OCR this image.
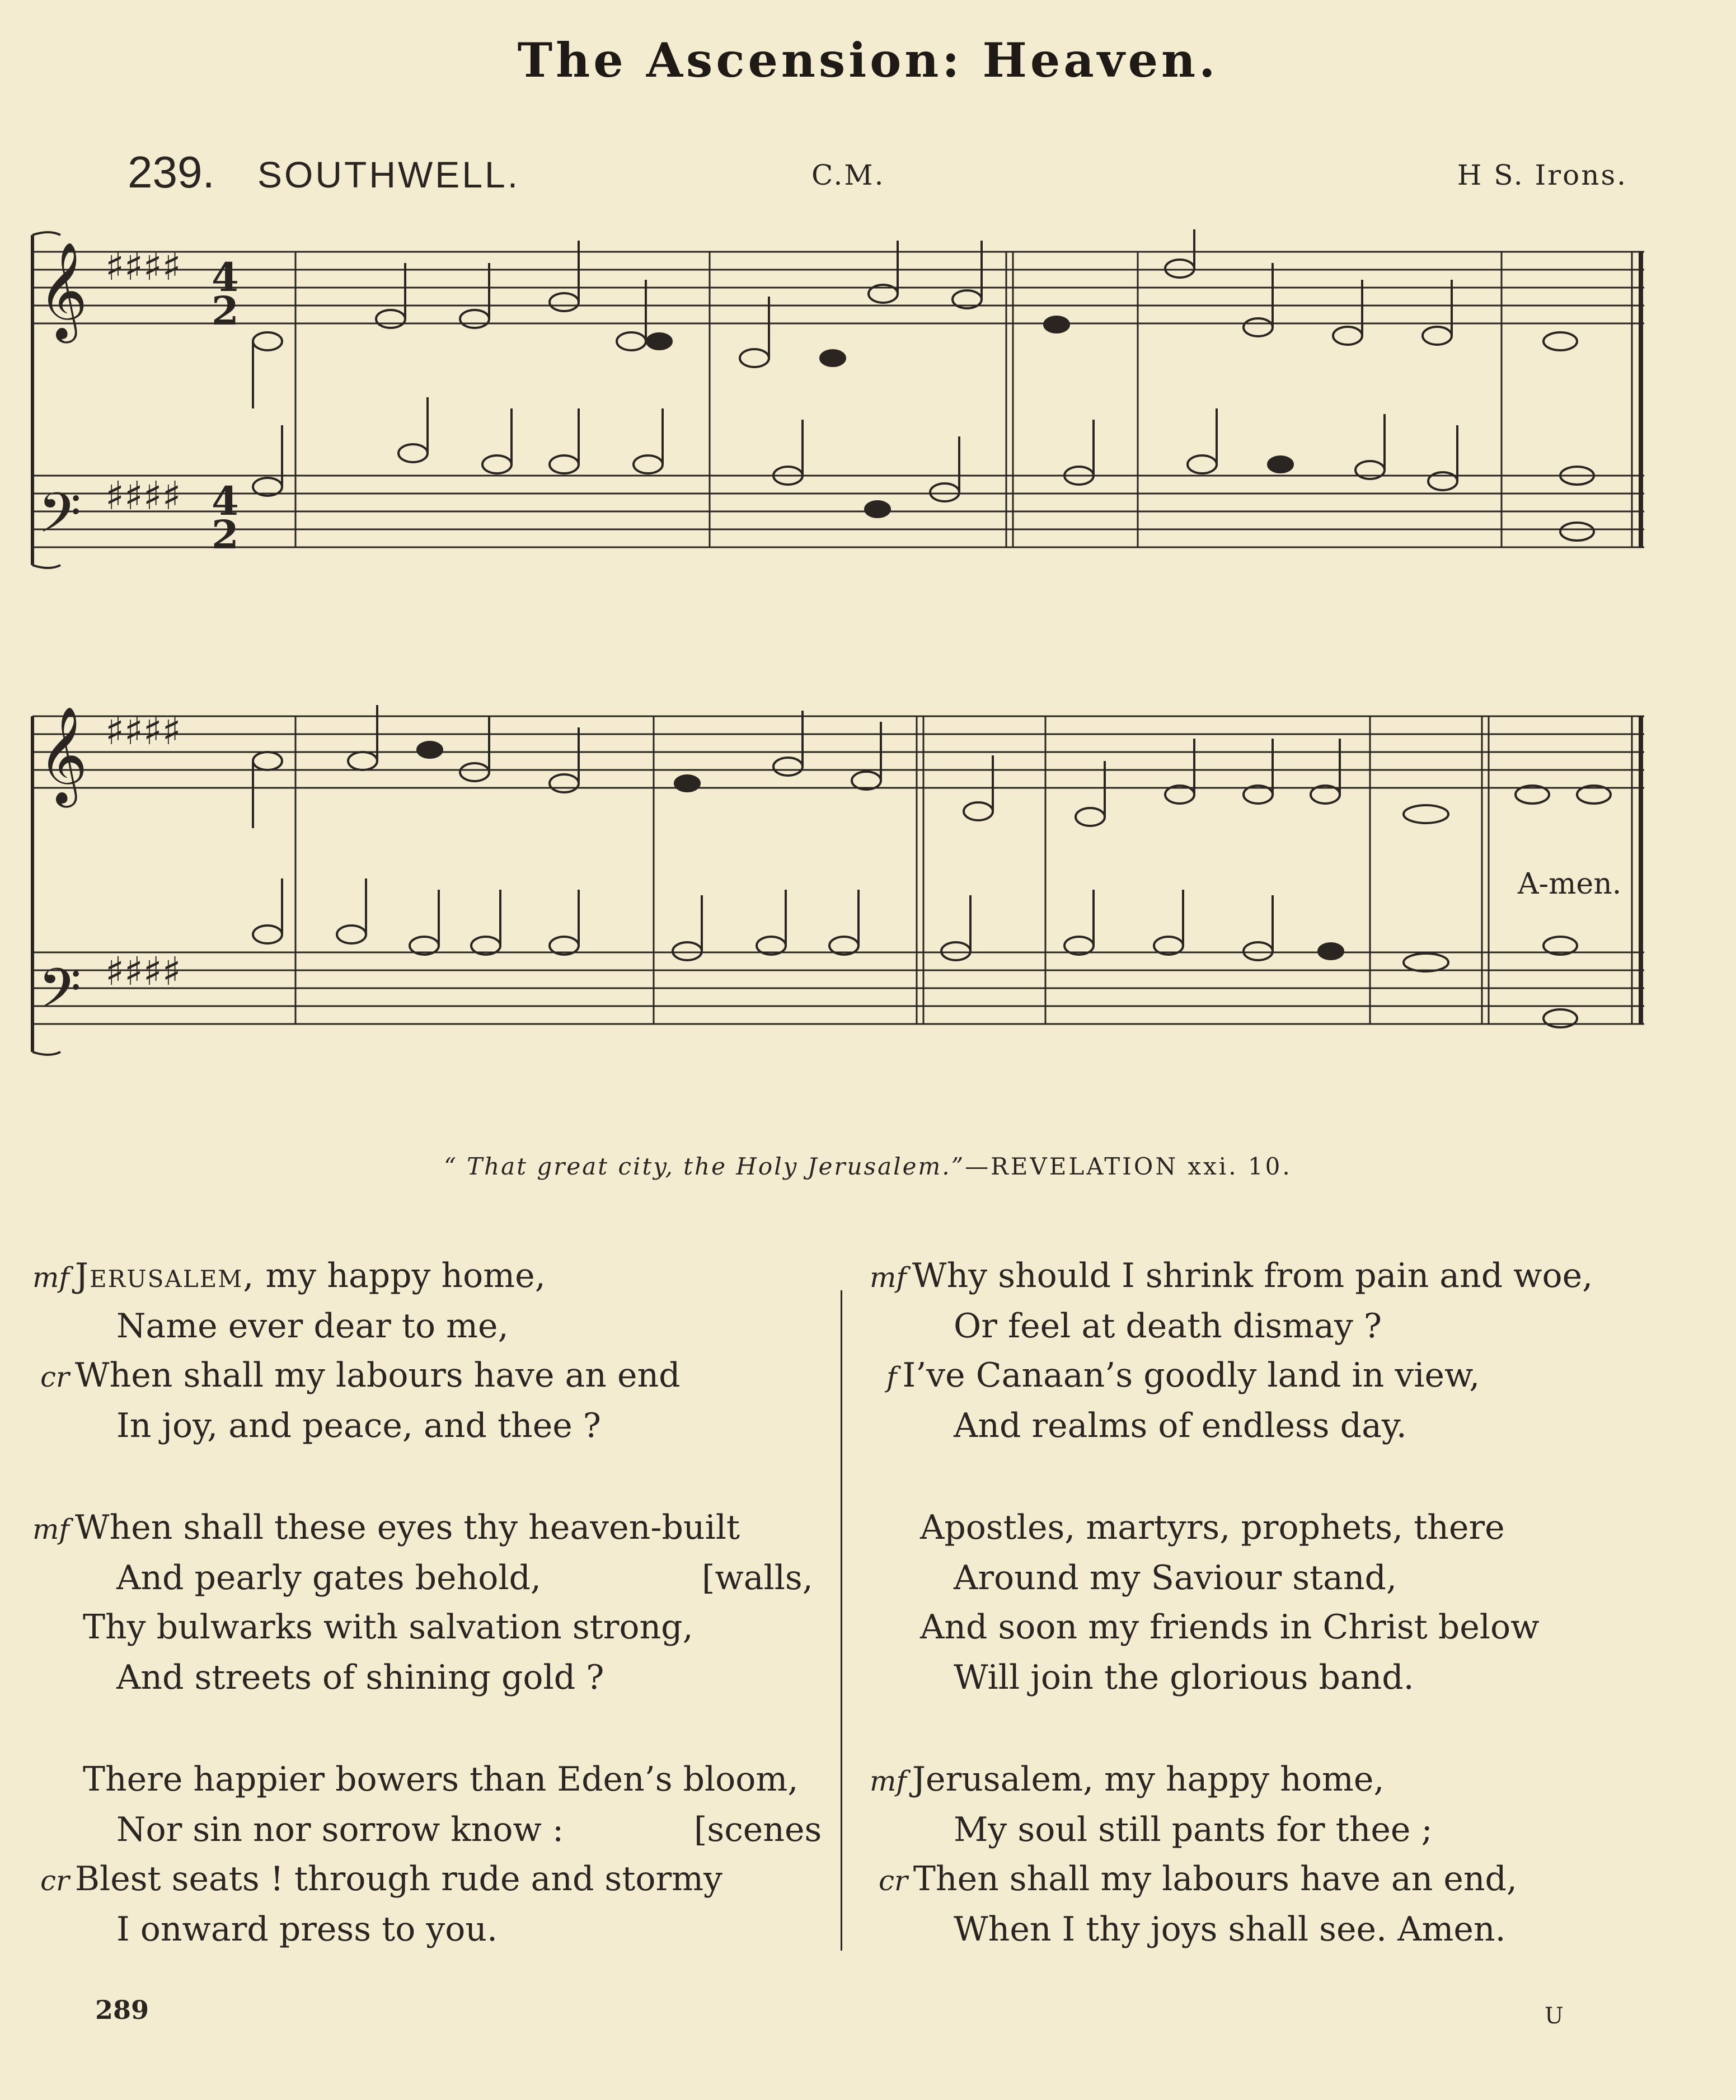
The Ascension: Heaven.
239. SOUTHWELL.	C.M.	H S. Irons.
𝄞
𝄢
♯♯♯♯
♯♯♯♯
4
2
4
2
𝄞
𝄢
♯♯♯♯
♯♯♯♯
A-men.
“ That great city, the Holy Jerusalem.”—REVELATION xxi. 10.
mf Jerusalem, my happy home,
Name ever dear to me,
cr When shall my labours have an end
In joy, and peace, and thee ?
mf When shall these eyes thy heaven-built
And pearly gates behold,	[walls,
Thy bulwarks with salvation strong,
And streets of shining gold ?
There happier bowers than Eden’s bloom,
Nor sin nor sorrow know :	[scenes
cr Blest seats ! through rude and stormy
I onward press to you.
mf Why should I shrink from pain and woe,
Or feel at death dismay ?
f I’ve Canaan’s goodly land in view,
And realms of endless day.
Apostles, martyrs, prophets, there
Around my Saviour stand,
And soon my friends in Christ below
Will join the glorious band.
mf Jerusalem, my happy home,
My soul still pants for thee ;
cr Then shall my labours have an end,
When I thy joys shall see. Amen.
289	U
